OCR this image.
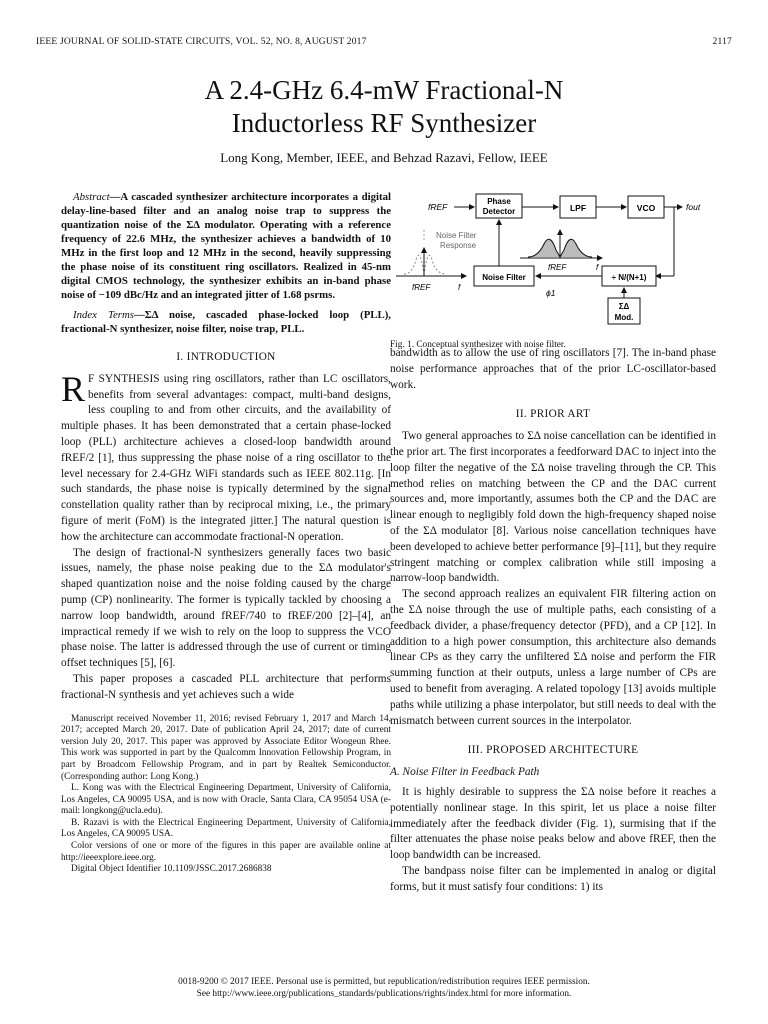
IEEE JOURNAL OF SOLID-STATE CIRCUITS, VOL. 52, NO. 8, AUGUST 2017	2117
A 2.4-GHz 6.4-mW Fractional-N
Inductorless RF Synthesizer
Long Kong, Member, IEEE, and Behzad Razavi, Fellow, IEEE

Abstract—A cascaded synthesizer architecture incorporates a digital delay-line-based filter and an analog noise trap to suppress the quantization noise of the ΣΔ modulator. Operating with a reference frequency of 22.6 MHz, the synthesizer achieves a bandwidth of 10 MHz in the first loop and 12 MHz in the second, heavily suppressing the phase noise of its constituent ring oscillators. Realized in 45-nm digital CMOS technology, the synthesizer exhibits an in-band phase noise of −109 dBc/Hz and an integrated jitter of 1.68 psrms.

Index Terms—ΣΔ noise, cascaded phase-locked loop (PLL), fractional-N synthesizer, noise filter, noise trap, PLL.

I. INTRODUCTION

R F SYNTHESIS using ring oscillators, rather than LC oscillators, benefits from several advantages: compact, multi-band designs, less coupling to and from other circuits, and the availability of multiple phases. It has been demonstrated that a certain phase-locked loop (PLL) architecture achieves a closed-loop bandwidth around fREF/2 [1], thus suppressing the phase noise of a ring oscillator to the level necessary for 2.4-GHz WiFi standards such as IEEE 802.11g. [In such standards, the phase noise is typically determined by the signal constellation quality rather than by reciprocal mixing, i.e., the primary figure of merit (FoM) is the integrated jitter.] The natural question is how the architecture can accommodate fractional-N operation.

The design of fractional-N synthesizers generally faces two basic issues, namely, the phase noise peaking due to the ΣΔ modulator's shaped quantization noise and the noise folding caused by the charge pump (CP) nonlinearity. The former is typically tackled by choosing a narrow loop bandwidth, around fREF/740 to fREF/200 [2]–[4], an impractical remedy if we wish to rely on the loop to suppress the VCO phase noise. The latter is addressed through the use of current or timing offset techniques [5], [6].

This paper proposes a cascaded PLL architecture that performs fractional-N synthesis and yet achieves such a wide

Manuscript received November 11, 2016; revised February 1, 2017 and March 14, 2017; accepted March 20, 2017. Date of publication April 24, 2017; date of current version July 20, 2017. This paper was approved by Associate Editor Woogeun Rhee. This work was supported in part by the Qualcomm Innovation Fellowship Program, in part by Broadcom Fellowship Program, and in part by Realtek Semiconductor. (Corresponding author: Long Kong.)

L. Kong was with the Electrical Engineering Department, University of California, Los Angeles, CA 90095 USA, and is now with Oracle, Santa Clara, CA 95054 USA (e-mail: longkong@ucla.edu).

B. Razavi is with the Electrical Engineering Department, University of California, Los Angeles, CA 90095 USA.

Color versions of one or more of the figures in this paper are available online at http://ieeexplore.ieee.org.

Digital Object Identifier 10.1109/JSSC.2017.2686838

fREF
Phase
Detector	LPF	VCO	fout
÷ N/(N+1)
ϕ1
ΣΔ
Mod.
Noise Filter
Noise Filter
Response
fREF	f
fREF	f
Fig. 1. Conceptual synthesizer with noise filter.

bandwidth as to allow the use of ring oscillators [7]. The in-band phase noise performance approaches that of the prior LC-oscillator-based work.

II. PRIOR ART

Two general approaches to ΣΔ noise cancellation can be identified in the prior art. The first incorporates a feedforward DAC to inject into the loop filter the negative of the ΣΔ noise traveling through the CP. This method relies on matching between the CP and the DAC current sources and, more importantly, assumes both the CP and the DAC are linear enough to negligibly fold down the high-frequency shaped noise of the ΣΔ modulator [8]. Various noise cancellation techniques have been developed to achieve better performance [9]–[11], but they require stringent matching or complex calibration while still imposing a narrow-loop bandwidth.

The second approach realizes an equivalent FIR filtering action on the ΣΔ noise through the use of multiple paths, each consisting of a feedback divider, a phase/frequency detector (PFD), and a CP [12]. In addition to a high power consumption, this architecture also demands linear CPs as they carry the unfiltered ΣΔ noise and perform the FIR summing function at their outputs, unless a large number of CPs are used to benefit from averaging. A related topology [13] avoids multiple paths while utilizing a phase interpolator, but still needs to deal with the mismatch between current sources in the interpolator.

III. PROPOSED ARCHITECTURE
A. Noise Filter in Feedback Path

It is highly desirable to suppress the ΣΔ noise before it reaches a potentially nonlinear stage. In this spirit, let us place a noise filter immediately after the feedback divider (Fig. 1), surmising that if the filter attenuates the phase noise peaks below and above fREF, then the loop bandwidth can be increased.

The bandpass noise filter can be implemented in analog or digital forms, but it must satisfy four conditions: 1) its

0018-9200 © 2017 IEEE. Personal use is permitted, but republication/redistribution requires IEEE permission.
See http://www.ieee.org/publications_standards/publications/rights/index.html for more information.
